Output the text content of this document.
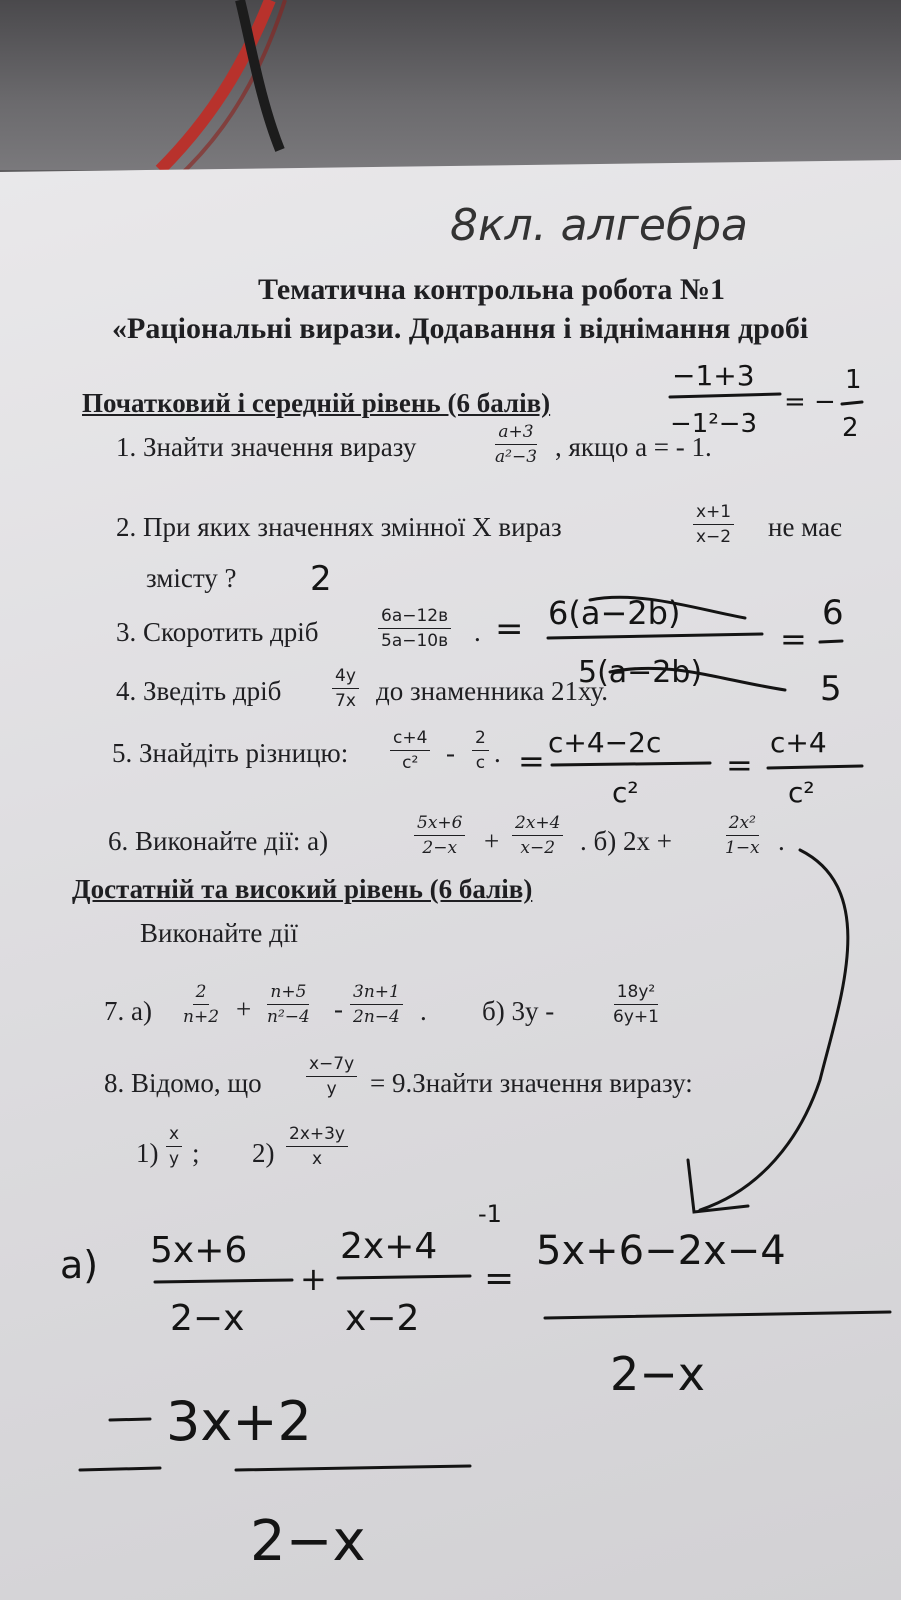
8кл. алгебра
Тематична контрольна робота №1
«Раціональні вирази. Додавання і віднімання дробі
Початковий і середній рівень (6 балів)
1. Знайти значення виразу	$\frac{a+3}{\text{a²−3}}$ , якщо a = - 1.
2. При яких значеннях змінної Х вираз	$\frac{x+1}{x-2}$ не має
змісту ?
3. Скоротить дріб
6а−12в
5а−10в .
4. Зведіть дріб	$\frac{4y}{7x}$ до знаменника 21ху.
5. Знайдіть різницю: $\frac{c+4}{\text{c²}} - \frac{2}{c}$ .
6. Виконайте дії: а)	$\frac{5x+6}{2-x} + \frac{2x+4}{x-2}$ . б) 2x +	$\frac{\text{2x²}}{1-x}$ .
Достатній та високий рівень (6 балів)
Виконайте дії
7. $а) \frac{2}{n+2} + \frac{n+5}{\text{n²−4}} - \frac{3n+1}{2n-4}$ . б) 3у -	$\frac{\text{18y²}}{6y+1}$
8. Відомо, що	$\frac{x-7y}{y}$ = 9.Знайти значення виразу:
$1) \frac{x}{y}$ ; $2) \frac{2x+3y}{x}$
−1+3
−1²−3
= −
1
2
2
= 6(a−2b)
5(a−2b)
=
6
5
= c+4−2c
c²
=
c+4
c²
а) 5x+6
2−x
+
2x+4
-1
x−2
=
5x+6−2x−4
2−x
3x+2
2−x
